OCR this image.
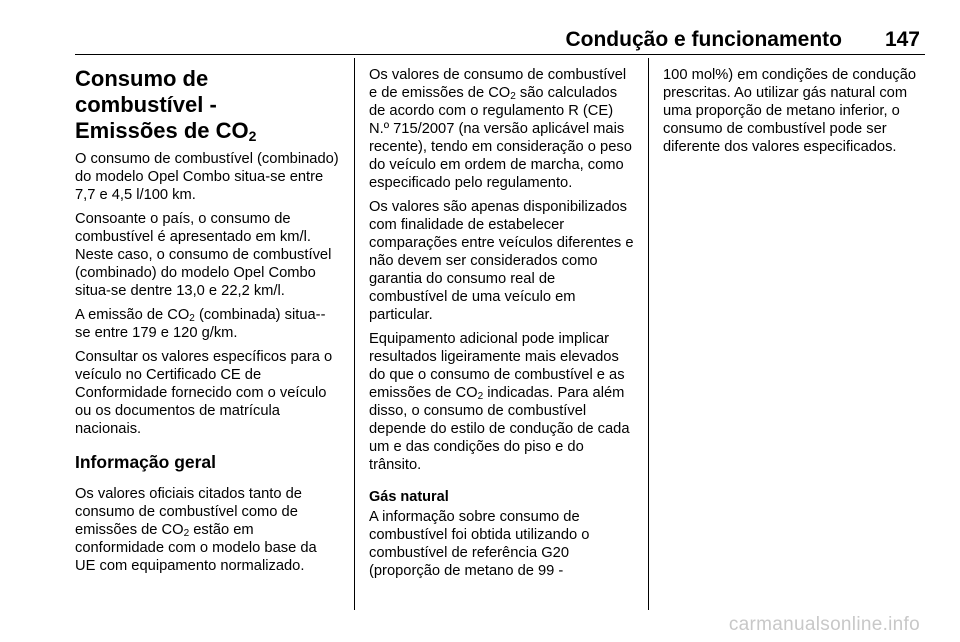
Condução e funcionamento 147
Consumo de combustível -
Emissões de $CO_2$

O consumo de combustível (combinado) do modelo Opel Combo situa-se entre 7,7 e 4,5 l/100 km.

Consoante o país, o consumo de combustível é apresentado em km/l. Neste caso, o consumo de combustível (combinado) do modelo Opel Combo situa-se dentre 13,0 e 22,2 km/l.

A emissão de $CO_2$ (combinada) situa--se entre 179 e 120 g/km.

Consultar os valores específicos para o veículo no Certificado CE de Conformidade fornecido com o veículo ou os documentos de matrícula nacionais.

Informação geral

Os valores oficiais citados tanto de consumo de combustível como de emissões de $CO_2$ estão em conformidade com o modelo base da UE com equipamento normalizado.

Os valores de consumo de combustível e de emissões de $CO_2$ são calculados de acordo com o regulamento R (CE) N.º 715/2007 (na versão aplicável mais recente), tendo em consideração o peso do veículo em ordem de marcha, como especificado pelo regulamento.

Os valores são apenas disponibilizados com finalidade de estabelecer comparações entre veículos diferentes e não devem ser considerados como garantia do consumo real de combustível de uma veículo em particular.

Equipamento adicional pode implicar resultados ligeiramente mais elevados do que o consumo de combustível e as emissões de $CO_2$ indicadas. Para além disso, o consumo de combustível depende do estilo de condução de cada um e das condições do piso e do trânsito.

Gás natural

A informação sobre consumo de combustível foi obtida utilizando o combustível de referência G20 (proporção de metano de 99 -

100 mol%) em condições de condução prescritas. Ao utilizar gás natural com uma proporção de metano inferior, o consumo de combustível pode ser diferente dos valores especificados.

carmanualsonline.info
